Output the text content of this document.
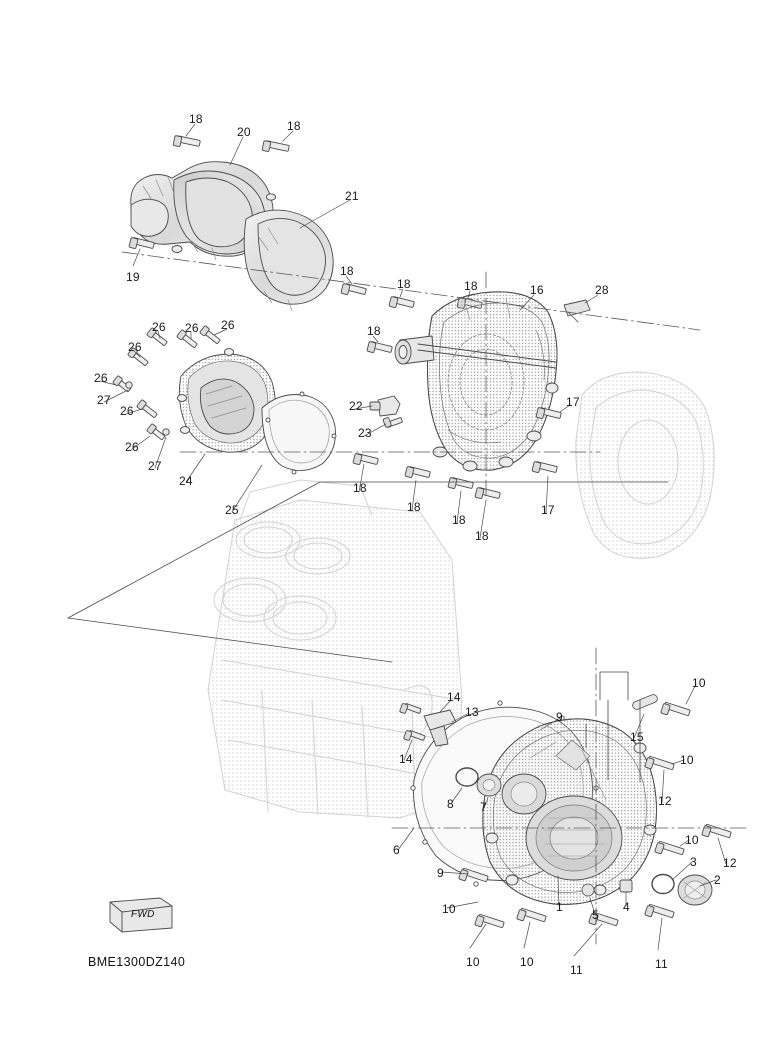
18
20	18
21
19	18
18	18	16	28
18
26 26 26
26
26
27
26
26
27
24
25
22
23
17
18
18
18
18
17
14
13
14
9
10
15
10
12
8 7
10
6
3 12
9	2
10	1
5
4
10	10
11	11
FWD
BME1300DZ140
